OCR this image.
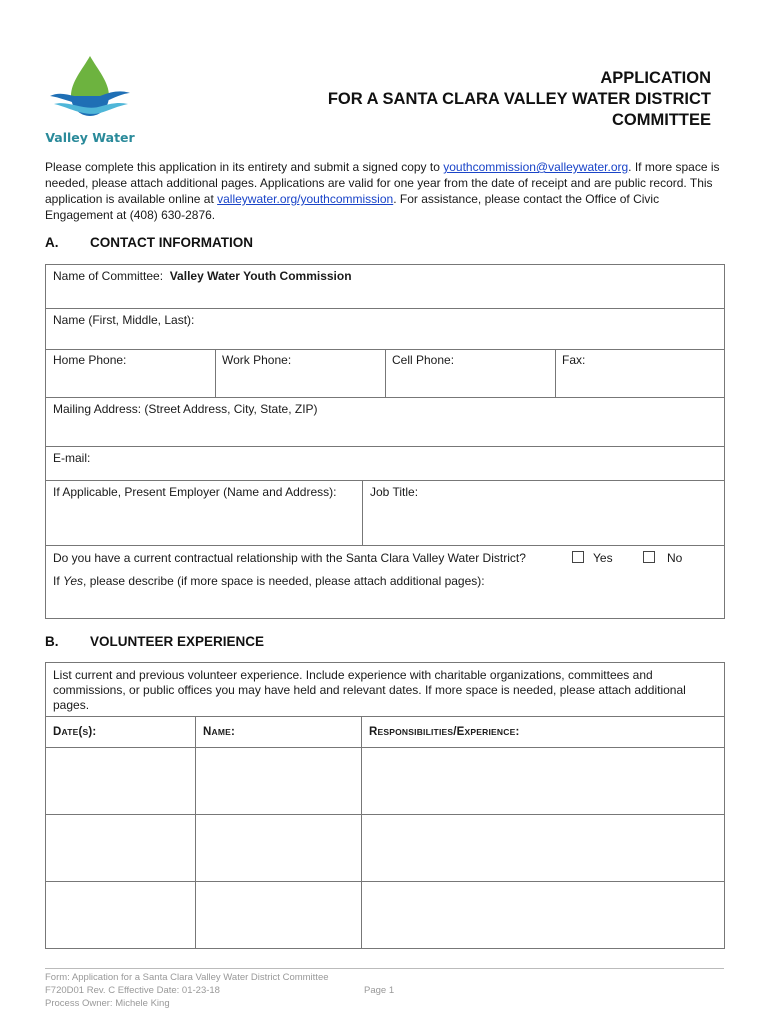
Valley Water
APPLICATION
FOR A SANTA CLARA VALLEY WATER DISTRICT
COMMITTEE
Please complete this application in its entirety and submit a signed copy to youthcommission@valleywater.org. If more space is needed, please attach additional pages. Applications are valid for one year from the date of receipt and are public record. This application is available online at valleywater.org/youthcommission. For assistance, please contact the Office of Civic Engagement at (408) 630-2876.
A. CONTACT INFORMATION
Name of Committee: Valley Water Youth Commission
Name (First, Middle, Last):
Home Phone:	Work Phone:	Cell Phone:	Fax:
Mailing Address: (Street Address, City, State, ZIP)
E-mail:
If Applicable, Present Employer (Name and Address):	Job Title:
Do you have a current contractual relationship with the Santa Clara Valley Water District?	Yes	No
If Yes, please describe (if more space is needed, please attach additional pages):
B. VOLUNTEER EXPERIENCE
List current and previous volunteer experience. Include experience with charitable organizations, committees and commissions, or public offices you may have held and relevant dates. If more space is needed, please attach additional pages.
DATE(S):	NAME:	RESPONSIBILITIES/EXPERIENCE:
Form: Application for a Santa Clara Valley Water District Committee
F720D01 Rev. C Effective Date: 01-23-18
Process Owner: Michele King
Page 1
